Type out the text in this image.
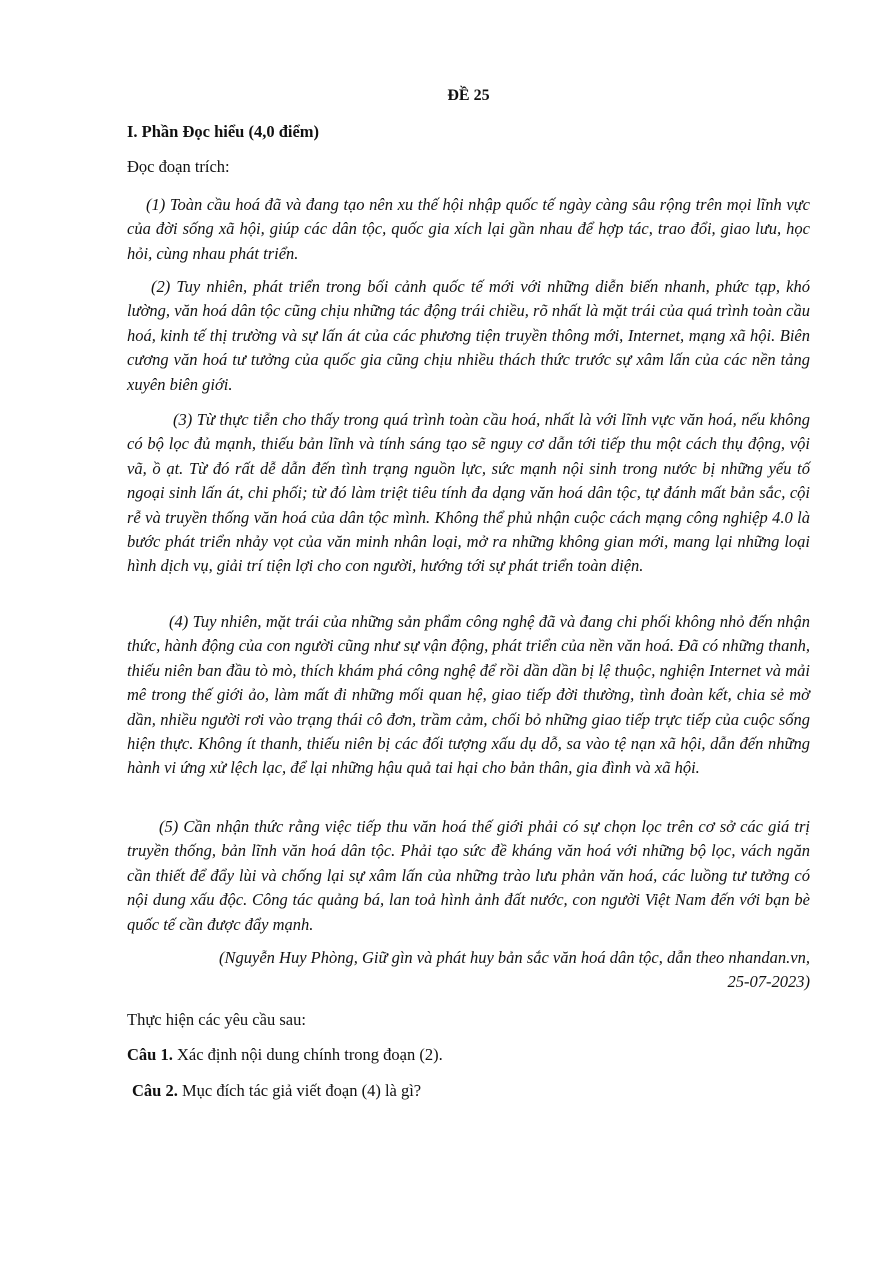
ĐỀ 25
I. Phần Đọc hiểu (4,0 điểm)
Đọc đoạn trích:

(1) Toàn cầu hoá đã và đang tạo nên xu thế hội nhập quốc tế ngày càng sâu rộng trên mọi lĩnh vực của đời sống xã hội, giúp các dân tộc, quốc gia xích lại gần nhau để hợp tác, trao đổi, giao lưu, học hỏi, cùng nhau phát triển.

(2) Tuy nhiên, phát triển trong bối cảnh quốc tế mới với những diễn biến nhanh, phức tạp, khó lường, văn hoá dân tộc cũng chịu những tác động trái chiều, rõ nhất là mặt trái của quá trình toàn cầu hoá, kinh tế thị trường và sự lấn át của các phương tiện truyền thông mới, Internet, mạng xã hội. Biên cương văn hoá tư tưởng của quốc gia cũng chịu nhiều thách thức trước sự xâm lấn của các nền tảng xuyên biên giới.

(3) Từ thực tiễn cho thấy trong quá trình toàn cầu hoá, nhất là với lĩnh vực văn hoá, nếu không có bộ lọc đủ mạnh, thiếu bản lĩnh và tính sáng tạo sẽ nguy cơ dẫn tới tiếp thu một cách thụ động, vội vã, ồ ạt. Từ đó rất dễ dẫn đến tình trạng nguồn lực, sức mạnh nội sinh trong nước bị những yếu tố ngoại sinh lấn át, chi phối; từ đó làm triệt tiêu tính đa dạng văn hoá dân tộc, tự đánh mất bản sắc, cội rễ và truyền thống văn hoá của dân tộc mình. Không thể phủ nhận cuộc cách mạng công nghiệp 4.0 là bước phát triển nhảy vọt của văn minh nhân loại, mở ra những không gian mới, mang lại những loại hình dịch vụ, giải trí tiện lợi cho con người, hướng tới sự phát triển toàn diện.

(4) Tuy nhiên, mặt trái của những sản phẩm công nghệ đã và đang chi phối không nhỏ đến nhận thức, hành động của con người cũng như sự vận động, phát triển của nền văn hoá. Đã có những thanh, thiếu niên ban đầu tò mò, thích khám phá công nghệ để rồi dần dần bị lệ thuộc, nghiện Internet và mải mê trong thế giới ảo, làm mất đi những mối quan hệ, giao tiếp đời thường, tình đoàn kết, chia sẻ mờ dần, nhiều người rơi vào trạng thái cô đơn, trầm cảm, chối bỏ những giao tiếp trực tiếp của cuộc sống hiện thực. Không ít thanh, thiếu niên bị các đối tượng xấu dụ dỗ, sa vào tệ nạn xã hội, dẫn đến những hành vi ứng xử lệch lạc, để lại những hậu quả tai hại cho bản thân, gia đình và xã hội.

(5) Cần nhận thức rằng việc tiếp thu văn hoá thế giới phải có sự chọn lọc trên cơ sở các giá trị truyền thống, bản lĩnh văn hoá dân tộc. Phải tạo sức đề kháng văn hoá với những bộ lọc, vách ngăn cần thiết để đẩy lùi và chống lại sự xâm lấn của những trào lưu phản văn hoá, các luồng tư tưởng có nội dung xấu độc. Công tác quảng bá, lan toả hình ảnh đất nước, con người Việt Nam đến với bạn bè quốc tế cần được đẩy mạnh.

(Nguyễn Huy Phòng, Giữ gìn và phát huy bản sắc văn hoá dân tộc, dẫn theo nhandan.vn,
25-07-2023)
Thực hiện các yêu cầu sau:
Câu 1. Xác định nội dung chính trong đoạn (2).
Câu 2. Mục đích tác giả viết đoạn (4) là gì?
